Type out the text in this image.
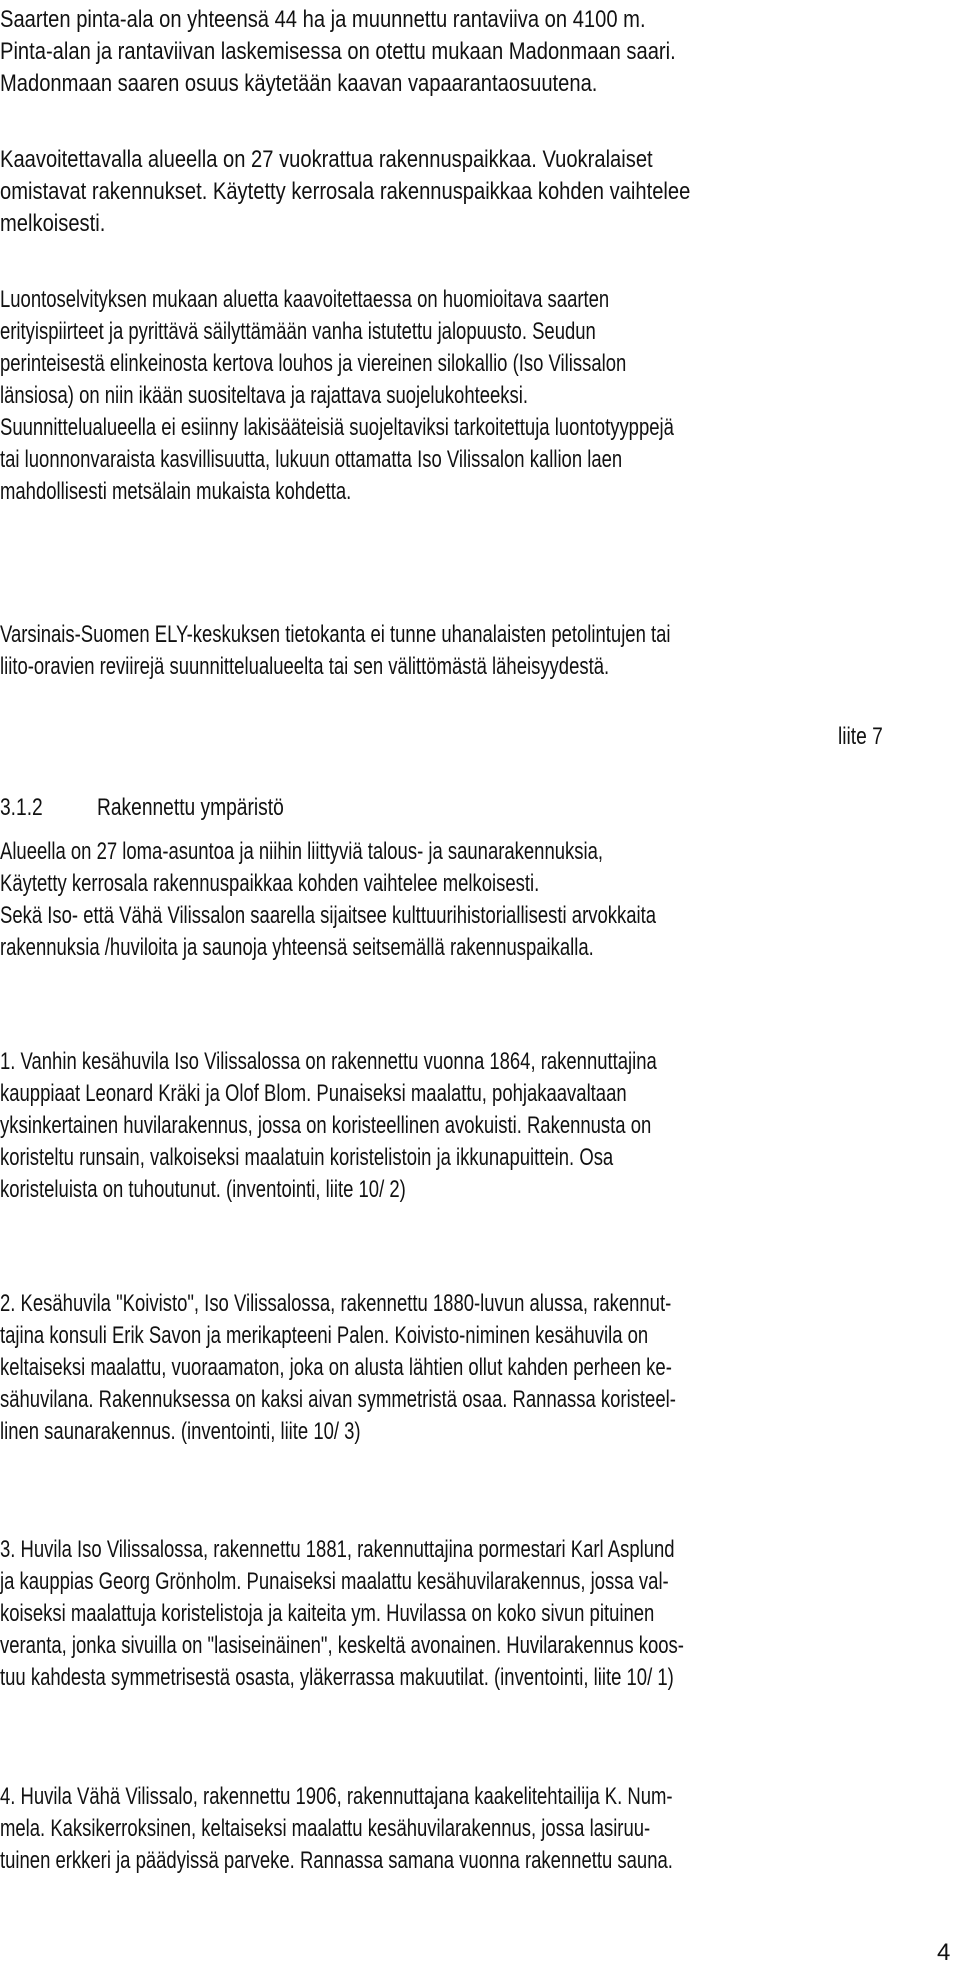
Saarten pinta-ala on yhteensä 44 ha ja muunnettu rantaviiva on 4100 m.

Pinta-alan ja rantaviivan laskemisessa on otettu mukaan Madonmaan saari.

Madonmaan saaren osuus käytetään kaavan vapaarantaosuutena.

Kaavoitettavalla alueella on 27 vuokrattua rakennuspaikkaa. Vuokralaiset

omistavat rakennukset. Käytetty kerrosala rakennuspaikkaa kohden vaihtelee

melkoisesti.

Luontoselvityksen mukaan aluetta kaavoitettaessa on huomioitava saarten

erityispiirteet ja pyrittävä säilyttämään vanha istutettu jalopuusto. Seudun

perinteisestä elinkeinosta kertova louhos ja viereinen silokallio (Iso Vilissalon

länsiosa) on niin ikään suositeltava ja rajattava suojelukohteeksi.

Suunnittelualueella ei esiinny lakisääteisiä suojeltaviksi tarkoitettuja luontotyyppejä

tai luonnonvaraista kasvillisuutta, lukuun ottamatta Iso Vilissalon kallion laen

mahdollisesti metsälain mukaista kohdetta.

Varsinais-Suomen ELY-keskuksen tietokanta ei tunne uhanalaisten petolintujen tai

liito-oravien reviirejä suunnittelualueelta tai sen välittömästä läheisyydestä.

liite 7

3.1.2 Rakennettu ympäristö

Alueella on 27 loma-asuntoa ja niihin liittyviä talous- ja saunarakennuksia,

Käytetty kerrosala rakennuspaikkaa kohden vaihtelee melkoisesti.

Sekä Iso- että Vähä Vilissalon saarella sijaitsee kulttuurihistoriallisesti arvokkaita

rakennuksia /huviloita ja saunoja yhteensä seitsemällä rakennuspaikalla.

1. Vanhin kesähuvila Iso Vilissalossa on rakennettu vuonna 1864, rakennuttajina

kauppiaat Leonard Kräki ja Olof Blom. Punaiseksi maalattu, pohjakaavaltaan

yksinkertainen huvilarakennus, jossa on koristeellinen avokuisti. Rakennusta on

koristeltu runsain, valkoiseksi maalatuin koristelistoin ja ikkunapuittein. Osa

koristeluista on tuhoutunut. (inventointi, liite 10/ 2)

2. Kesähuvila "Koivisto", Iso Vilissalossa, rakennettu 1880-luvun alussa, rakennut-

tajina konsuli Erik Savon ja merikapteeni Palen. Koivisto-niminen kesähuvila on

keltaiseksi maalattu, vuoraamaton, joka on alusta lähtien ollut kahden perheen ke-

sähuvilana. Rakennuksessa on kaksi aivan symmetristä osaa. Rannassa koristeel-

linen saunarakennus. (inventointi, liite 10/ 3)

3. Huvila Iso Vilissalossa, rakennettu 1881, rakennuttajina pormestari Karl Asplund

ja kauppias Georg Grönholm. Punaiseksi maalattu kesähuvilarakennus, jossa val-

koiseksi maalattuja koristelistoja ja kaiteita ym. Huvilassa on koko sivun pituinen

veranta, jonka sivuilla on "lasiseinäinen", keskeltä avonainen. Huvilarakennus koos-

tuu kahdesta symmetrisestä osasta, yläkerrassa makuutilat. (inventointi, liite 10/ 1)

4. Huvila Vähä Vilissalo, rakennettu 1906, rakennuttajana kaakelitehtailija K. Num-

mela. Kaksikerroksinen, keltaiseksi maalattu kesähuvilarakennus, jossa lasiruu-

tuinen erkkeri ja päädyissä parveke. Rannassa samana vuonna rakennettu sauna.

4
